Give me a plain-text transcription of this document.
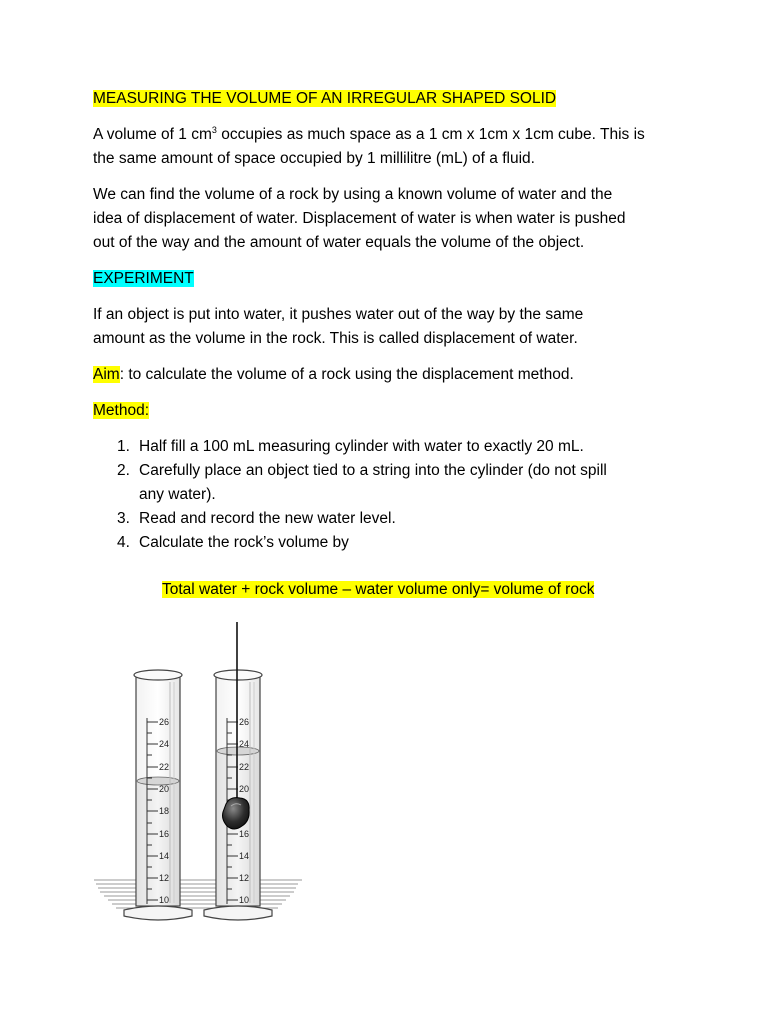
MEASURING THE VOLUME OF AN IRREGULAR SHAPED SOLID
A volume of 1 $cm^3$ occupies as much space as a 1 cm x 1cm x 1cm cube. This is
the same amount of space occupied by 1 millilitre (mL) of a fluid.
We can find the volume of a rock by using a known volume of water and the
idea of displacement of water. Displacement of water is when water is pushed
out of the way and the amount of water equals the volume of the object.
EXPERIMENT
If an object is put into water, it pushes water out of the way by the same
amount as the volume in the rock. This is called displacement of water.
Aim: to calculate the volume of a rock using the displacement method.
Method:
1. Half fill a 100 mL measuring cylinder with water to exactly 20 mL.
2. Carefully place an object tied to a string into the cylinder (do not spill
any water).
3. Read and record the new water level.
4. Calculate the rock’s volume by
Total water + rock volume – water volume only= volume of rock
26
24
22
20
18
16
14
12
10
26
24
22
20
16
14
12
10
